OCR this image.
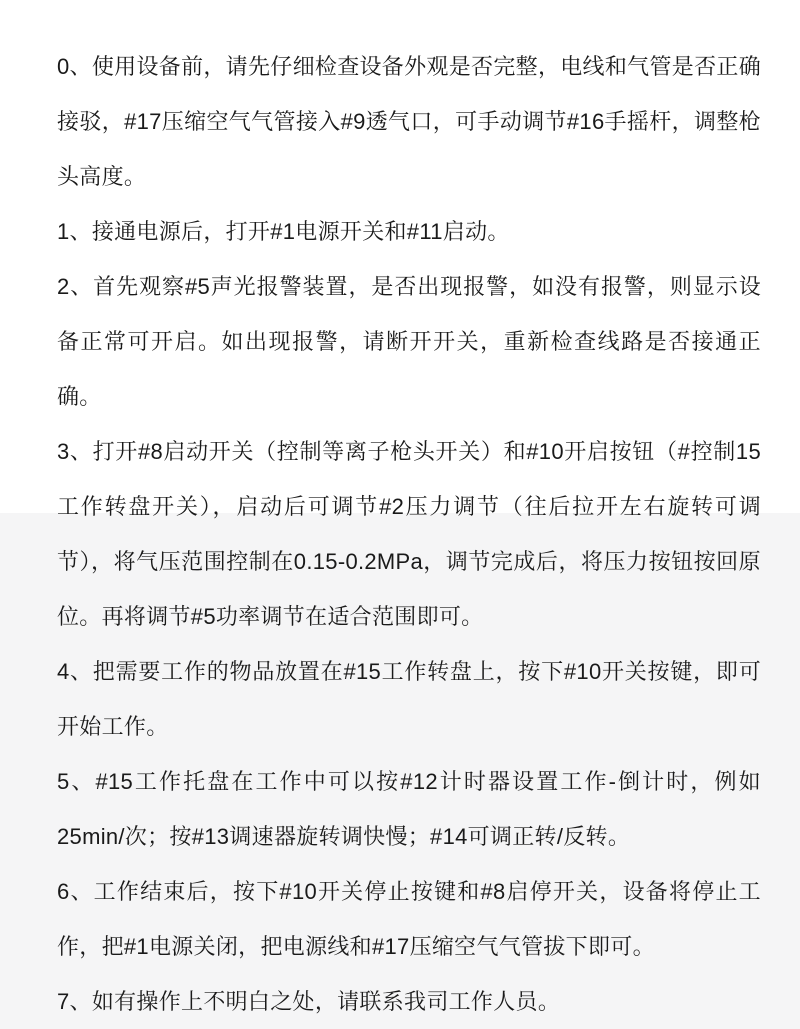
0、使用设备前，请先仔细检查设备外观是否完整，电线和气管是否正确接驳，#17压缩空气气管接入#9透气口，可手动调节#16手摇杆，调整枪头高度。

1、接通电源后，打开#1电源开关和#11启动。

2、首先观察#5声光报警装置，是否出现报警，如没有报警，则显示设备正常可开启。如出现报警，请断开开关，重新检查线路是否接通正确。

3、打开#8启动开关（控制等离子枪头开关）和#10开启按钮（#控制15工作转盘开关），启动后可调节#2压力调节（往后拉开左右旋转可调节），将气压范围控制在0.15-0.2MPa，调节完成后，将压力按钮按回原位。再将调节#5功率调节在适合范围即可。

4、把需要工作的物品放置在#15工作转盘上，按下#10开关按键，即可开始工作。

5、#15工作托盘在工作中可以按#12计时器设置工作-倒计时，例如25min/次；按#13调速器旋转调快慢；#14可调正转/反转。

6、工作结束后，按下#10开关停止按键和#8启停开关，设备将停止工作，把#1电源关闭，把电源线和#17压缩空气气管拔下即可。

7、如有操作上不明白之处，请联系我司工作人员。
